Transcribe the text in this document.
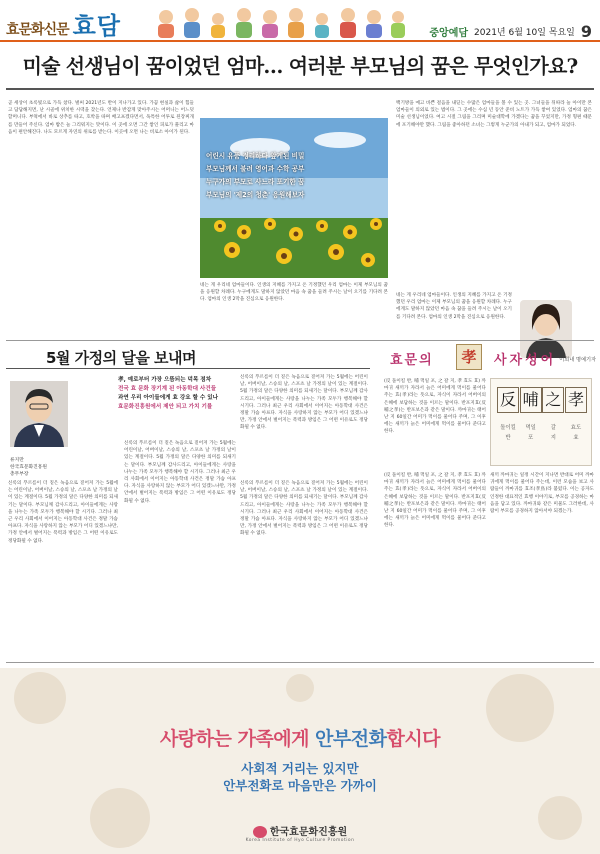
효문화신문 효담	중앙예담 2021년 6월 10일 목요일 9
미술 선생님이 꿈이었던 엄마… 여러분 부모님의 꿈은 무엇인가요?
곧 세상이 초록빛으로 가득 찼다. 벌써 2021년도 반이 지나가고 있다. 가끔 현실과 삶이 힘들고 답답해지면, 난 시골에 위치한 시댁을 찾는다. 언제나 반갑게 맞아주시는 어머니는 어느덧 할머니다. 부엌에서 바로 상추를 따고, 호박을 따며 배고프겠다면서, 독특한 어투로 된장찌개를 만들어 주신다. 엄마 밥은 늘 그리워지는 맛이다. 이 곳에 오면 그간 쌓인 피로가 풀리고 마음이 편안해진다. 나도 모르게 자연의 위로를 받는다. 이곳에 오면 나는 비로소 아이가 된다.
백기방을 예고 바쁜 걸음을 내딛는 수많은 엄마들을 볼 수 있는 곳. 그녀들을 뒤따라 늘 아이만 본 엄마들이 의외로 있는 법이다. 그 곳에는 수십 년 동안 준비 노트가 가득 쌓여 있었다. 엄마의 꿈은 미술 선생님이었다. 여고 시절 그림을 그리며 미술대학에 가겠다는 꿈을 꾸었지만, 가정 형편 때문에 포기해야만 했다. 그림을 좋아하던 소녀는 그렇게 누군가의 아내가 되고, 엄마가 되었다.
네는 게 우리네 엄마들이다. 인생의 지혜를 가지고 온 기정했던 우리 엄마는 이제 부모님의 꿈을 응원할 차례다. 누구에게도 말하지 않았던 마음 속 꿈을 들려 주시는 날이 오기를 기다려 본다. 엄마의 인생 2막을 진심으로 응원한다.
네는 게 우리네 엄마들이다. 인생의 지혜를 가지고 온 기정했던 우리 엄마는 이제 부모님의 꿈을 응원할 차례다. 누구에게도 말하지 않았던 마음 속 꿈을 들려 주시는 날이 오기를 기다려 본다. 엄마의 인생 2막을 진심으로 응원한다.
어린시 유품 정리하다 앞게된 비밀
부모님께서 불려 영어과 수학 공부
누구가의 부모로 사느라 포기한 꿈
부모님의 '제2의 청춘' 응원해보자
이희내 명예기자
5월 가정의 달을 보내며
류지만
한국효문화진흥원
총무부장
孝, 예로부터 가장 으뜸되는 덕목 점차
전국 효 문화 장기계 된 아동학대 사건들
과연 우리 아이들에게 효 강요 할 수 있나
효문화진흥원에서 제안 되고 가치 기를
신록의 푸르름이 더 짙은 녹음으로 짙어져 가는 5월에는 어린이날, 어버이날, 스승의 날, 스포츠 날 가정의 날이 있는 계절이다. 5월 가정의 달은 다양한 의미를 되새기는 달이다. 부모님께 감사드리고, 아이들에게는 사랑을 나누는 가족 모두가 행복해야 할 시기다. 그러나 최근 우리 사회에서 이어지는 아동학대 사건은 정말 가슴 아프다. 자식을 사랑하지 않는 부모가 어디 있겠느냐만, 가정 안에서 벌어지는 폭력과 방임은 그 어떤 이유로도 정당화될 수 없다.
신록의 푸르름이 더 짙은 녹음으로 짙어져 가는 5월에는 어린이날, 어버이날, 스승의 날, 스포츠 날 가정의 날이 있는 계절이다. 5월 가정의 달은 다양한 의미를 되새기는 달이다. 부모님께 감사드리고, 아이들에게는 사랑을 나누는 가족 모두가 행복해야 할 시기다. 그러나 최근 우리 사회에서 이어지는 아동학대 사건은 정말 가슴 아프다. 자식을 사랑하지 않는 부모가 어디 있겠느냐만, 가정 안에서 벌어지는 폭력과 방임은 그 어떤 이유로도 정당화될 수 없다.
신록의 푸르름이 더 짙은 녹음으로 짙어져 가는 5월에는 어린이날, 어버이날, 스승의 날, 스포츠 날 가정의 날이 있는 계절이다. 5월 가정의 달은 다양한 의미를 되새기는 달이다. 부모님께 감사드리고, 아이들에게는 사랑을 나누는 가족 모두가 행복해야 할 시기다. 그러나 최근 우리 사회에서 이어지는 아동학대 사건은 정말 가슴 아프다. 자식을 사랑하지 않는 부모가 어디 있겠느냐만, 가정 안에서 벌어지는 폭력과 방임은 그 어떤 이유로도 정당화될 수 없다.
신록의 푸르름이 더 짙은 녹음으로 짙어져 가는 5월에는 어린이날, 어버이날, 스승의 날, 스포츠 날 가정의 날이 있는 계절이다. 5월 가정의 달은 다양한 의미를 되새기는 달이다. 부모님께 감사드리고, 아이들에게는 사랑을 나누는 가족 모두가 행복해야 할 시기다. 그러나 최근 우리 사회에서 이어지는 아동학대 사건은 정말 가슴 아프다. 자식을 사랑하지 않는 부모가 어디 있겠느냐만, 가정 안에서 벌어지는 폭력과 방임은 그 어떤 이유로도 정당화될 수 없다.
효문의	孝	사자성어
(反 돌이킬 반, 哺 먹일 포, 之 갈 지, 孝 효도 효) 까마귀 새끼가 자라서 늙은 어미에게 먹이를 물어다 주는 효(孝)라는 뜻으로, 자식이 자라서 어버이의 은혜에 보답하는 것을 이르는 말이다. 반포지효(反哺之孝)는 반포보은과 같은 말이다. 까마귀는 태어난 지 60일간 어미가 먹이를 물어다 주며, 그 이후에는 새끼가 늙은 어미에게 먹이를 물어다 준다고 한다.
反 哺 之 孝
돌이킬	먹일	갈	효도
반	포	지	효
(反 돌이킬 반, 哺 먹일 포, 之 갈 지, 孝 효도 효) 까마귀 새끼가 자라서 늙은 어미에게 먹이를 물어다 주는 효(孝)라는 뜻으로, 자식이 자라서 어버이의 은혜에 보답하는 것을 이르는 말이다. 반포지효(反哺之孝)는 반포보은과 같은 말이다. 까마귀는 태어난 지 60일간 어미가 먹이를 물어다 주며, 그 이후에는 새끼가 늙은 어미에게 먹이를 물어다 준다고 한다.
새끼 까마귀는 일정 시간이 지나면 반대로 어미 까마귀에게 먹이를 물어다 주는데, 이런 모습을 보고 사람들이 까마귀를 효조(孝鳥)라 불렀다. 이는 공자도 인정한 대표적인 효행 이야기로, 부모를 공경하는 마음을 담고 있다. 까마귀와 같은 미물도 그러한데, 사람이 부모를 공경하지 않아서야 되겠는가.
사랑하는 가족에게 안부전화합시다
사회적 거리는 있지만
안부전화로 마음만은 가까이
한국효문화진흥원
Korea Institute of Hyo Culture Promotion
